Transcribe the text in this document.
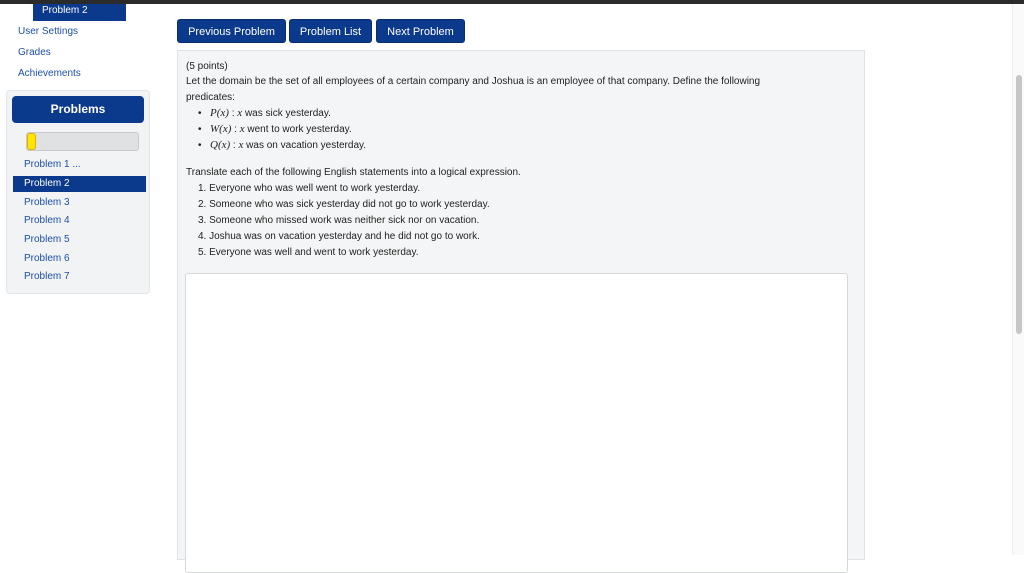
Problem 2
User Settings
Grades
Achievements
Problems
Problem 1 ...
Problem 2
Problem 3
Problem 4
Problem 5
Problem 6
Problem 7
Previous Problem	Problem List	Next Problem
(5 points)
Let the domain be the set of all employees of a certain company and Joshua is an employee of that company. Define the following
predicates:
• P(x) : x was sick yesterday.
• W(x) : x went to work yesterday.
• Q(x) : x was on vacation yesterday.
Translate each of the following English statements into a logical expression.
1. Everyone who was well went to work yesterday.
2. Someone who was sick yesterday did not go to work yesterday.
3. Someone who missed work was neither sick nor on vacation.
4. Joshua was on vacation yesterday and he did not go to work.
5. Everyone was well and went to work yesterday.
